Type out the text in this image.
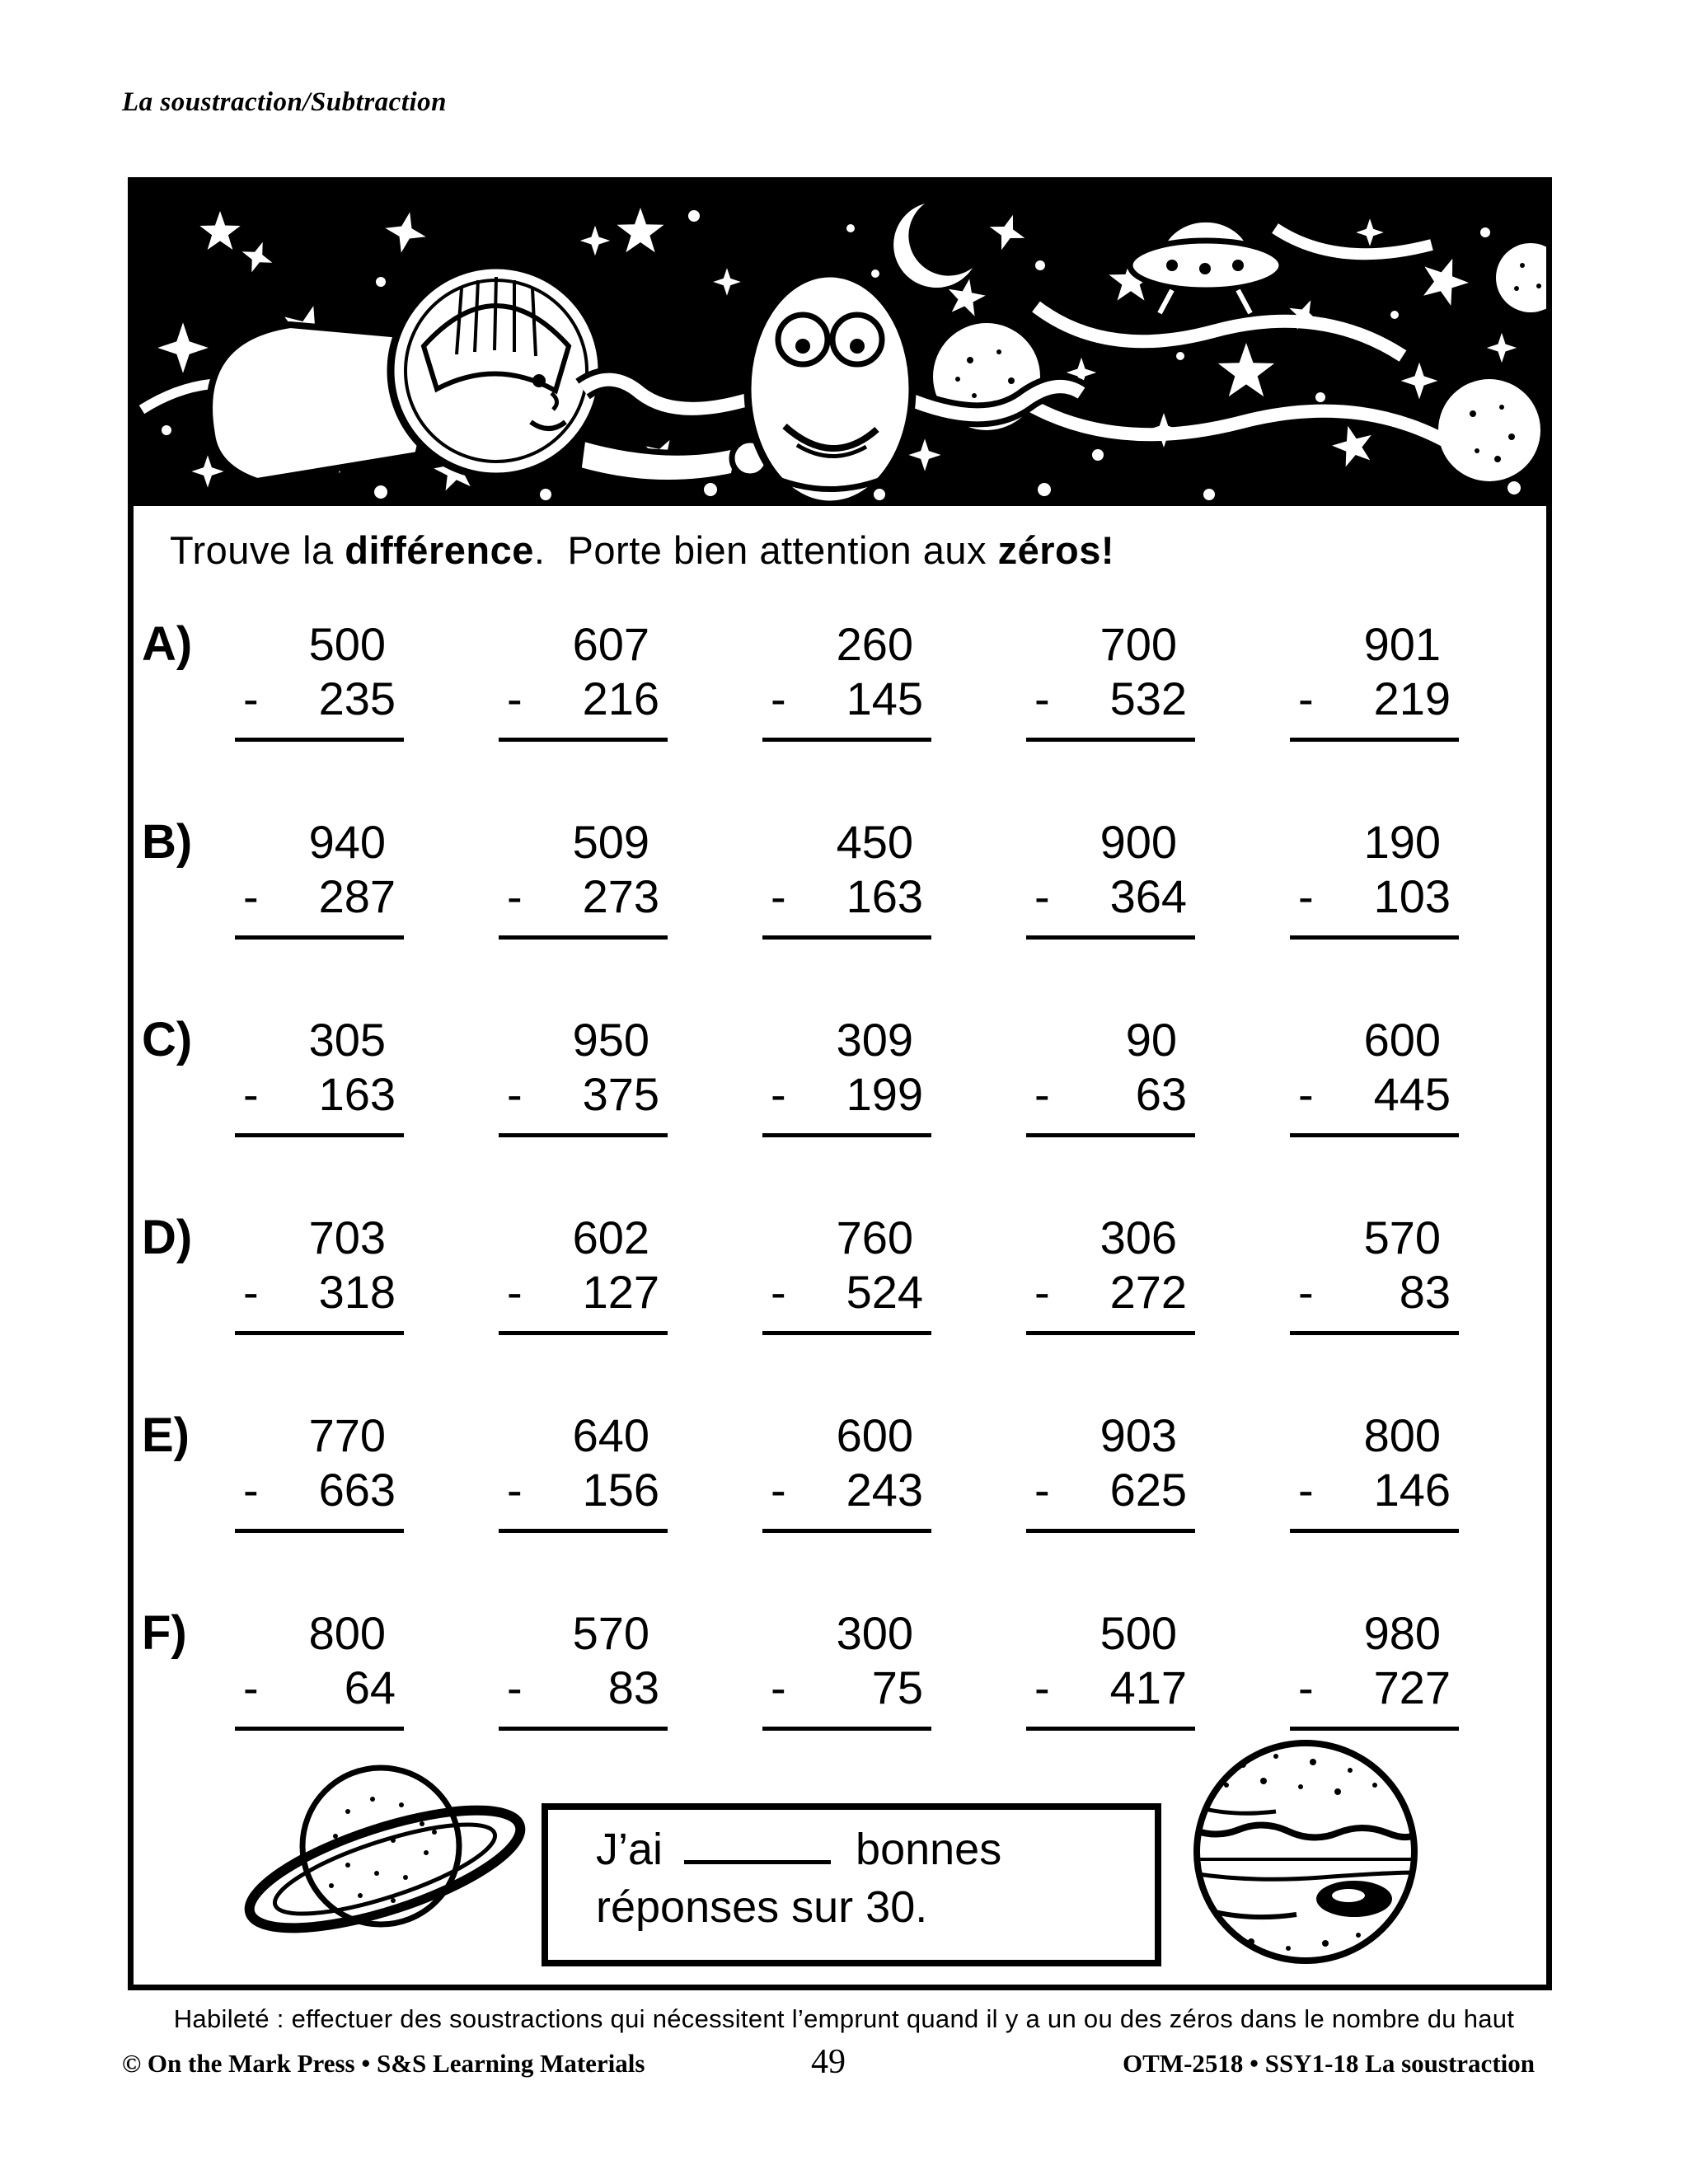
La soustraction/Subtraction
Trouve la différence.  Porte bien attention aux zéros!
A)	500
- 235
607
- 216
260
- 145
700
- 532
901
- 219
B)	940
- 287
509
- 273
450
- 163
900
- 364
190
- 103
C)	305
- 163
950
- 375
309
- 199
90
- 63
600
- 445
D)	703
- 318
602
- 127
760
- 524
306
- 272
570
- 83
E)	770
- 663
640
- 156
600
- 243
903
- 625
800
- 146
F)	800
- 64
570
- 83
300
- 75
500
- 417
980
- 727
J’ai	bonnes
réponses sur 30.
Habileté : effectuer des soustractions qui nécessitent l’emprunt quand il y a un ou des zéros dans le nombre du haut
© On the Mark Press • S&S Learning Materials	49	OTM-2518 • SSY1-18 La soustraction
